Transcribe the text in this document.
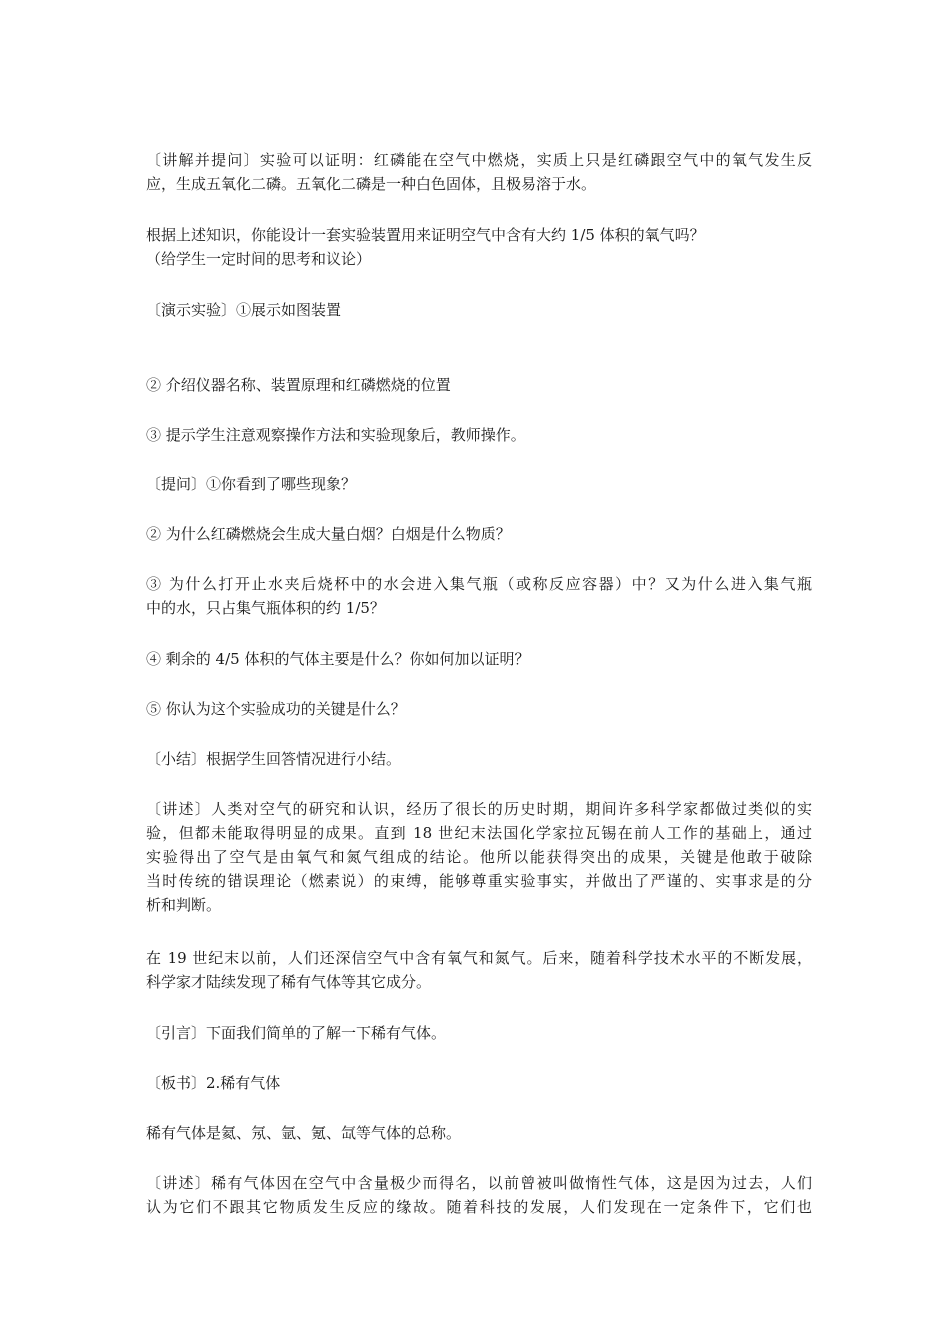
〔讲解并提问〕实验可以证明：红磷能在空气中燃烧，实质上只是红磷跟空气中的氧气发生反
应，生成五氧化二磷。五氧化二磷是一种白色固体，且极易溶于水。

根据上述知识，你能设计一套实验装置用来证明空气中含有大约 1/5 体积的氧气吗？
（给学生一定时间的思考和议论）

〔演示实验〕①展示如图装置

② 介绍仪器名称、装置原理和红磷燃烧的位置

③ 提示学生注意观察操作方法和实验现象后，教师操作。

〔提问〕①你看到了哪些现象？

② 为什么红磷燃烧会生成大量白烟？白烟是什么物质？

③ 为什么打开止水夹后烧杯中的水会进入集气瓶（或称反应容器）中？又为什么进入集气瓶
中的水，只占集气瓶体积的约 1/5？

④ 剩余的 4/5 体积的气体主要是什么？你如何加以证明？

⑤ 你认为这个实验成功的关键是什么？

〔小结〕根据学生回答情况进行小结。

〔讲述〕人类对空气的研究和认识，经历了很长的历史时期，期间许多科学家都做过类似的实
验，但都未能取得明显的成果。直到 18 世纪末法国化学家拉瓦锡在前人工作的基础上，通过
实验得出了空气是由氧气和氮气组成的结论。他所以能获得突出的成果，关键是他敢于破除
当时传统的错误理论（燃素说）的束缚，能够尊重实验事实，并做出了严谨的、实事求是的分
析和判断。

在 19 世纪末以前，人们还深信空气中含有氧气和氮气。后来，随着科学技术水平的不断发展，
科学家才陆续发现了稀有气体等其它成分。

〔引言〕下面我们简单的了解一下稀有气体。

〔板书〕2.稀有气体

稀有气体是氦、氖、氩、氪、氙等气体的总称。

〔讲述〕稀有气体因在空气中含量极少而得名，以前曾被叫做惰性气体，这是因为过去，人们
认为它们不跟其它物质发生反应的缘故。随着科技的发展，人们发现在一定条件下，它们也
